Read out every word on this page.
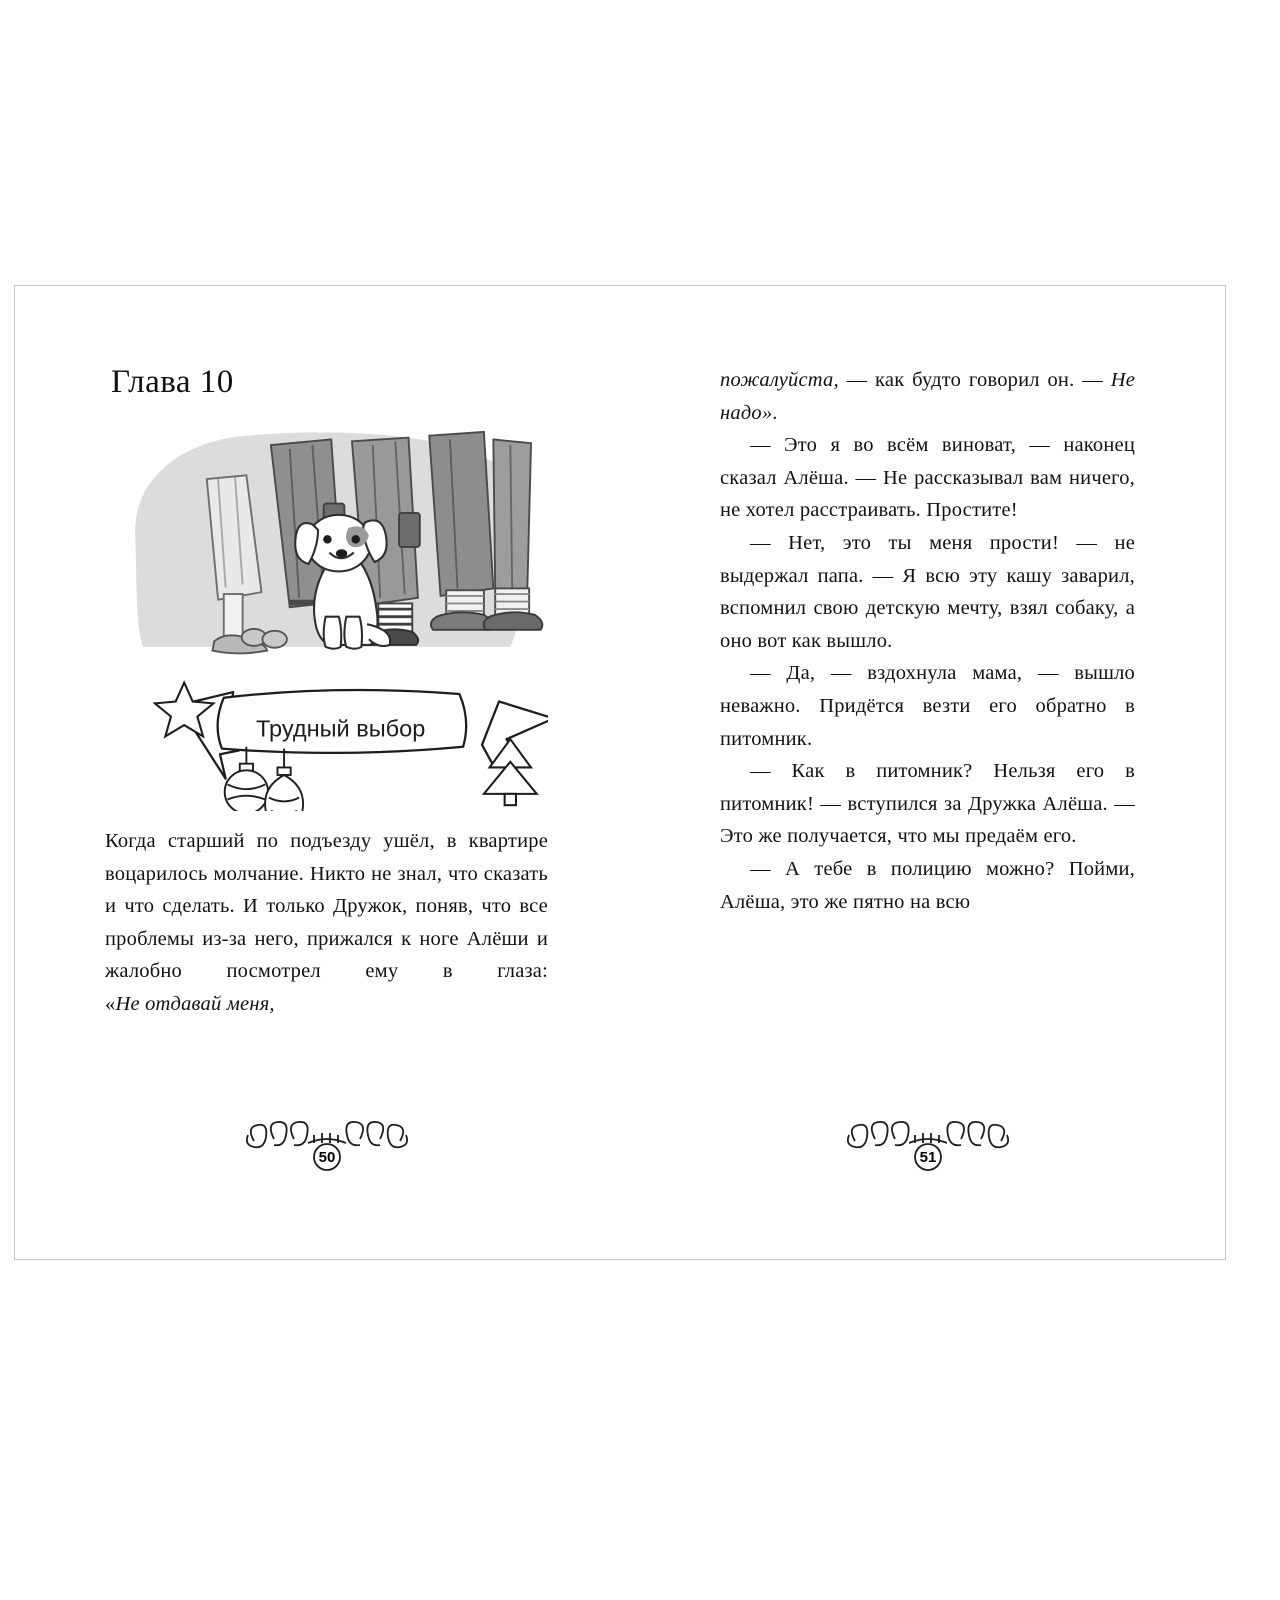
Глава 10
Трудный выбор

Когда старший по подъезду ушёл, в квартире воцарилось молчание. Никто не знал, что сказать и что сделать. И только Дружок, поняв, что все проблемы из-за него, прижался к ноге Алёши и жалобно посмотрел ему в глаза: «Не отдавай меня,

50

пожалуйста, — как будто говорил он. — Не надо».

— Это я во всём виноват, — наконец сказал Алёша. — Не рассказывал вам ничего, не хотел расстраивать. Простите!

— Нет, это ты меня прости! — не выдержал папа. — Я всю эту кашу заварил, вспомнил свою детскую мечту, взял собаку, а оно вот как вышло.

— Да, — вздохнула мама, — вышло неважно. Придётся везти его обратно в питомник.

— Как в питомник? Нельзя его в питомник! — вступился за Дружка Алёша. — Это же получается, что мы предаём его.

— А тебе в полицию можно? Пойми, Алёша, это же пятно на всю

51
